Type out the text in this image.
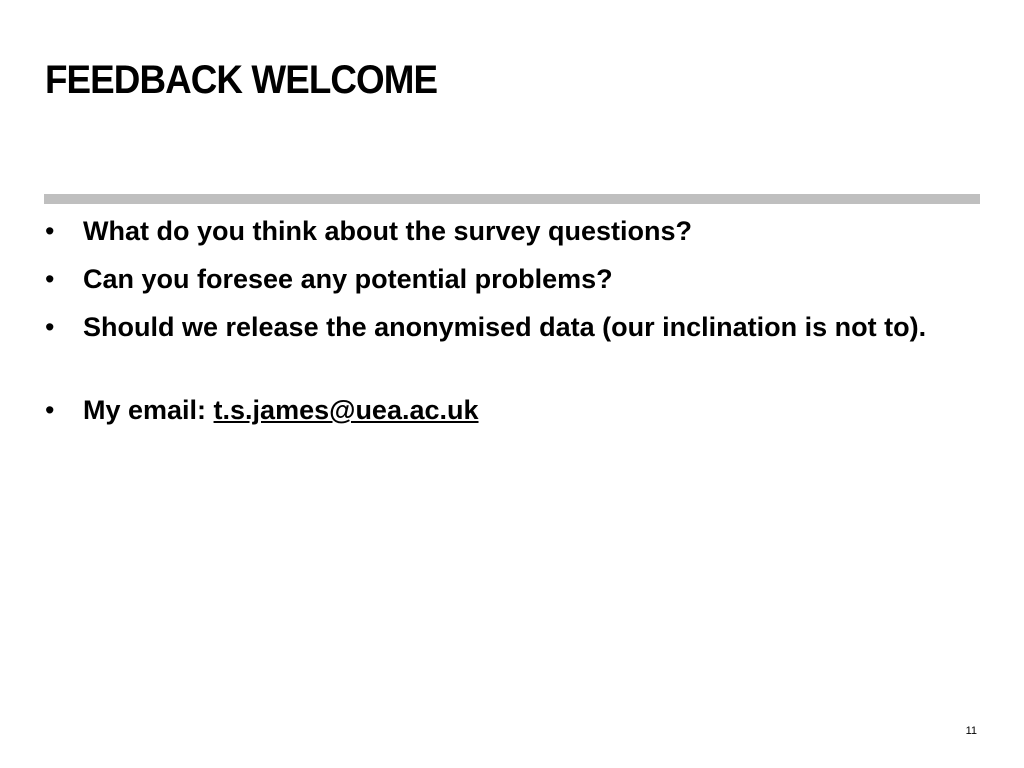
FEEDBACK WELCOME
• What do you think about the survey questions?
• Can you foresee any potential problems?
• Should we release the anonymised data (our inclination is not to).
• My email: t.s.james@uea.ac.uk
11
